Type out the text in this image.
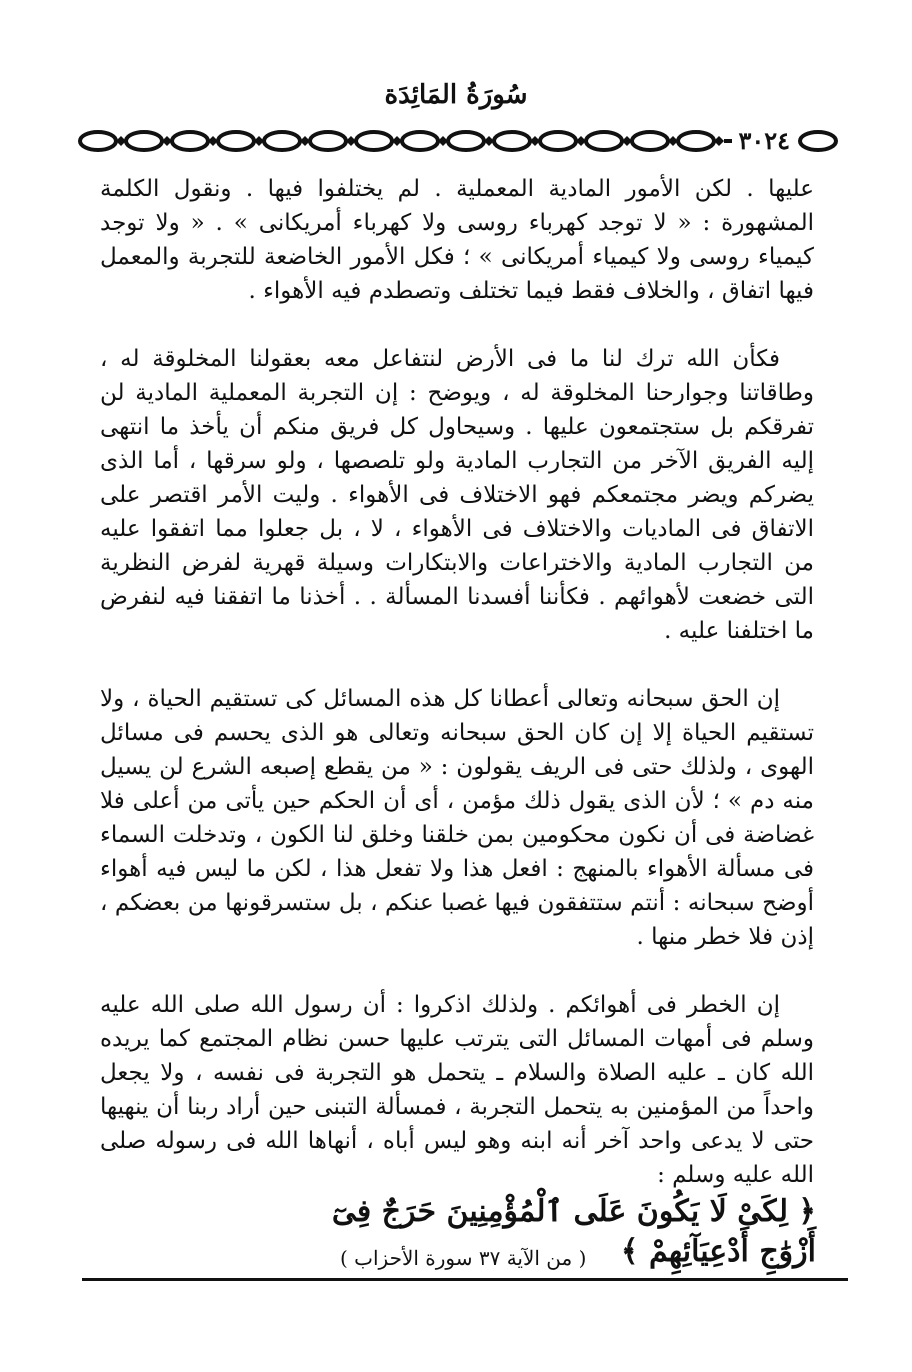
سُورَةُ المَائِدَة
٣٠٢٤

عليها . لكن الأمور المادية المعملية . لم يختلفوا فيها . ونقول الكلمة المشهورة : « لا توجد كهرباء روسى ولا كهرباء أمريكانى » . « ولا توجد كيمياء روسى ولا كيمياء أمريكانى » ؛ فكل الأمور الخاضعة للتجربة والمعمل فيها اتفاق ، والخلاف فقط فيما تختلف وتصطدم فيه الأهواء .

فكأن الله ترك لنا ما فى الأرض لنتفاعل معه بعقولنا المخلوقة له ، وطاقاتنا وجوارحنا المخلوقة له ، ويوضح : إن التجربة المعملية المادية لن تفرقكم بل ستجتمعون عليها . وسيحاول كل فريق منكم أن يأخذ ما انتهى إليه الفريق الآخر من التجارب المادية ولو تلصصها ، ولو سرقها ، أما الذى يضركم ويضر مجتمعكم فهو الاختلاف فى الأهواء . وليت الأمر اقتصر على الاتفاق فى الماديات والاختلاف فى الأهواء ، لا ، بل جعلوا مما اتفقوا عليه من التجارب المادية والاختراعات والابتكارات وسيلة قهرية لفرض النظرية التى خضعت لأهوائهم . فكأننا أفسدنا المسألة . . أخذنا ما اتفقنا فيه لنفرض ما اختلفنا عليه .

إن الحق سبحانه وتعالى أعطانا كل هذه المسائل كى تستقيم الحياة ، ولا تستقيم الحياة إلا إن كان الحق سبحانه وتعالى هو الذى يحسم فى مسائل الهوى ، ولذلك حتى فى الريف يقولون : « من يقطع إصبعه الشرع لن يسيل منه دم » ؛ لأن الذى يقول ذلك مؤمن ، أى أن الحكم حين يأتى من أعلى فلا غضاضة فى أن نكون محكومين بمن خلقنا وخلق لنا الكون ، وتدخلت السماء فى مسألة الأهواء بالمنهج : افعل هذا ولا تفعل هذا ، لكن ما ليس فيه أهواء أوضح سبحانه : أنتم ستتفقون فيها غصبا عنكم ، بل ستسرقونها من بعضكم ، إذن فلا خطر منها .

إن الخطر فى أهوائكم . ولذلك اذكروا : أن رسول الله صلى الله عليه وسلم فى أمهات المسائل التى يترتب عليها حسن نظام المجتمع كما يريده الله كان ـ عليه الصلاة والسلام ـ يتحمل هو التجربة فى نفسه ، ولا يجعل واحداً من المؤمنين به يتحمل التجربة ، فمسألة التبنى حين أراد ربنا أن ينهيها حتى لا يدعى واحد آخر أنه ابنه وهو ليس أباه ، أنهاها الله فى رسوله صلى الله عليه وسلم :

﴿ لِكَىْ لَا يَكُونَ عَلَى ٱلْمُؤْمِنِينَ حَرَجٌ فِىٓ أَزْوَٰجِ أَدْعِيَآئِهِمْ ﴾
( من الآية ٣٧ سورة الأحزاب )
